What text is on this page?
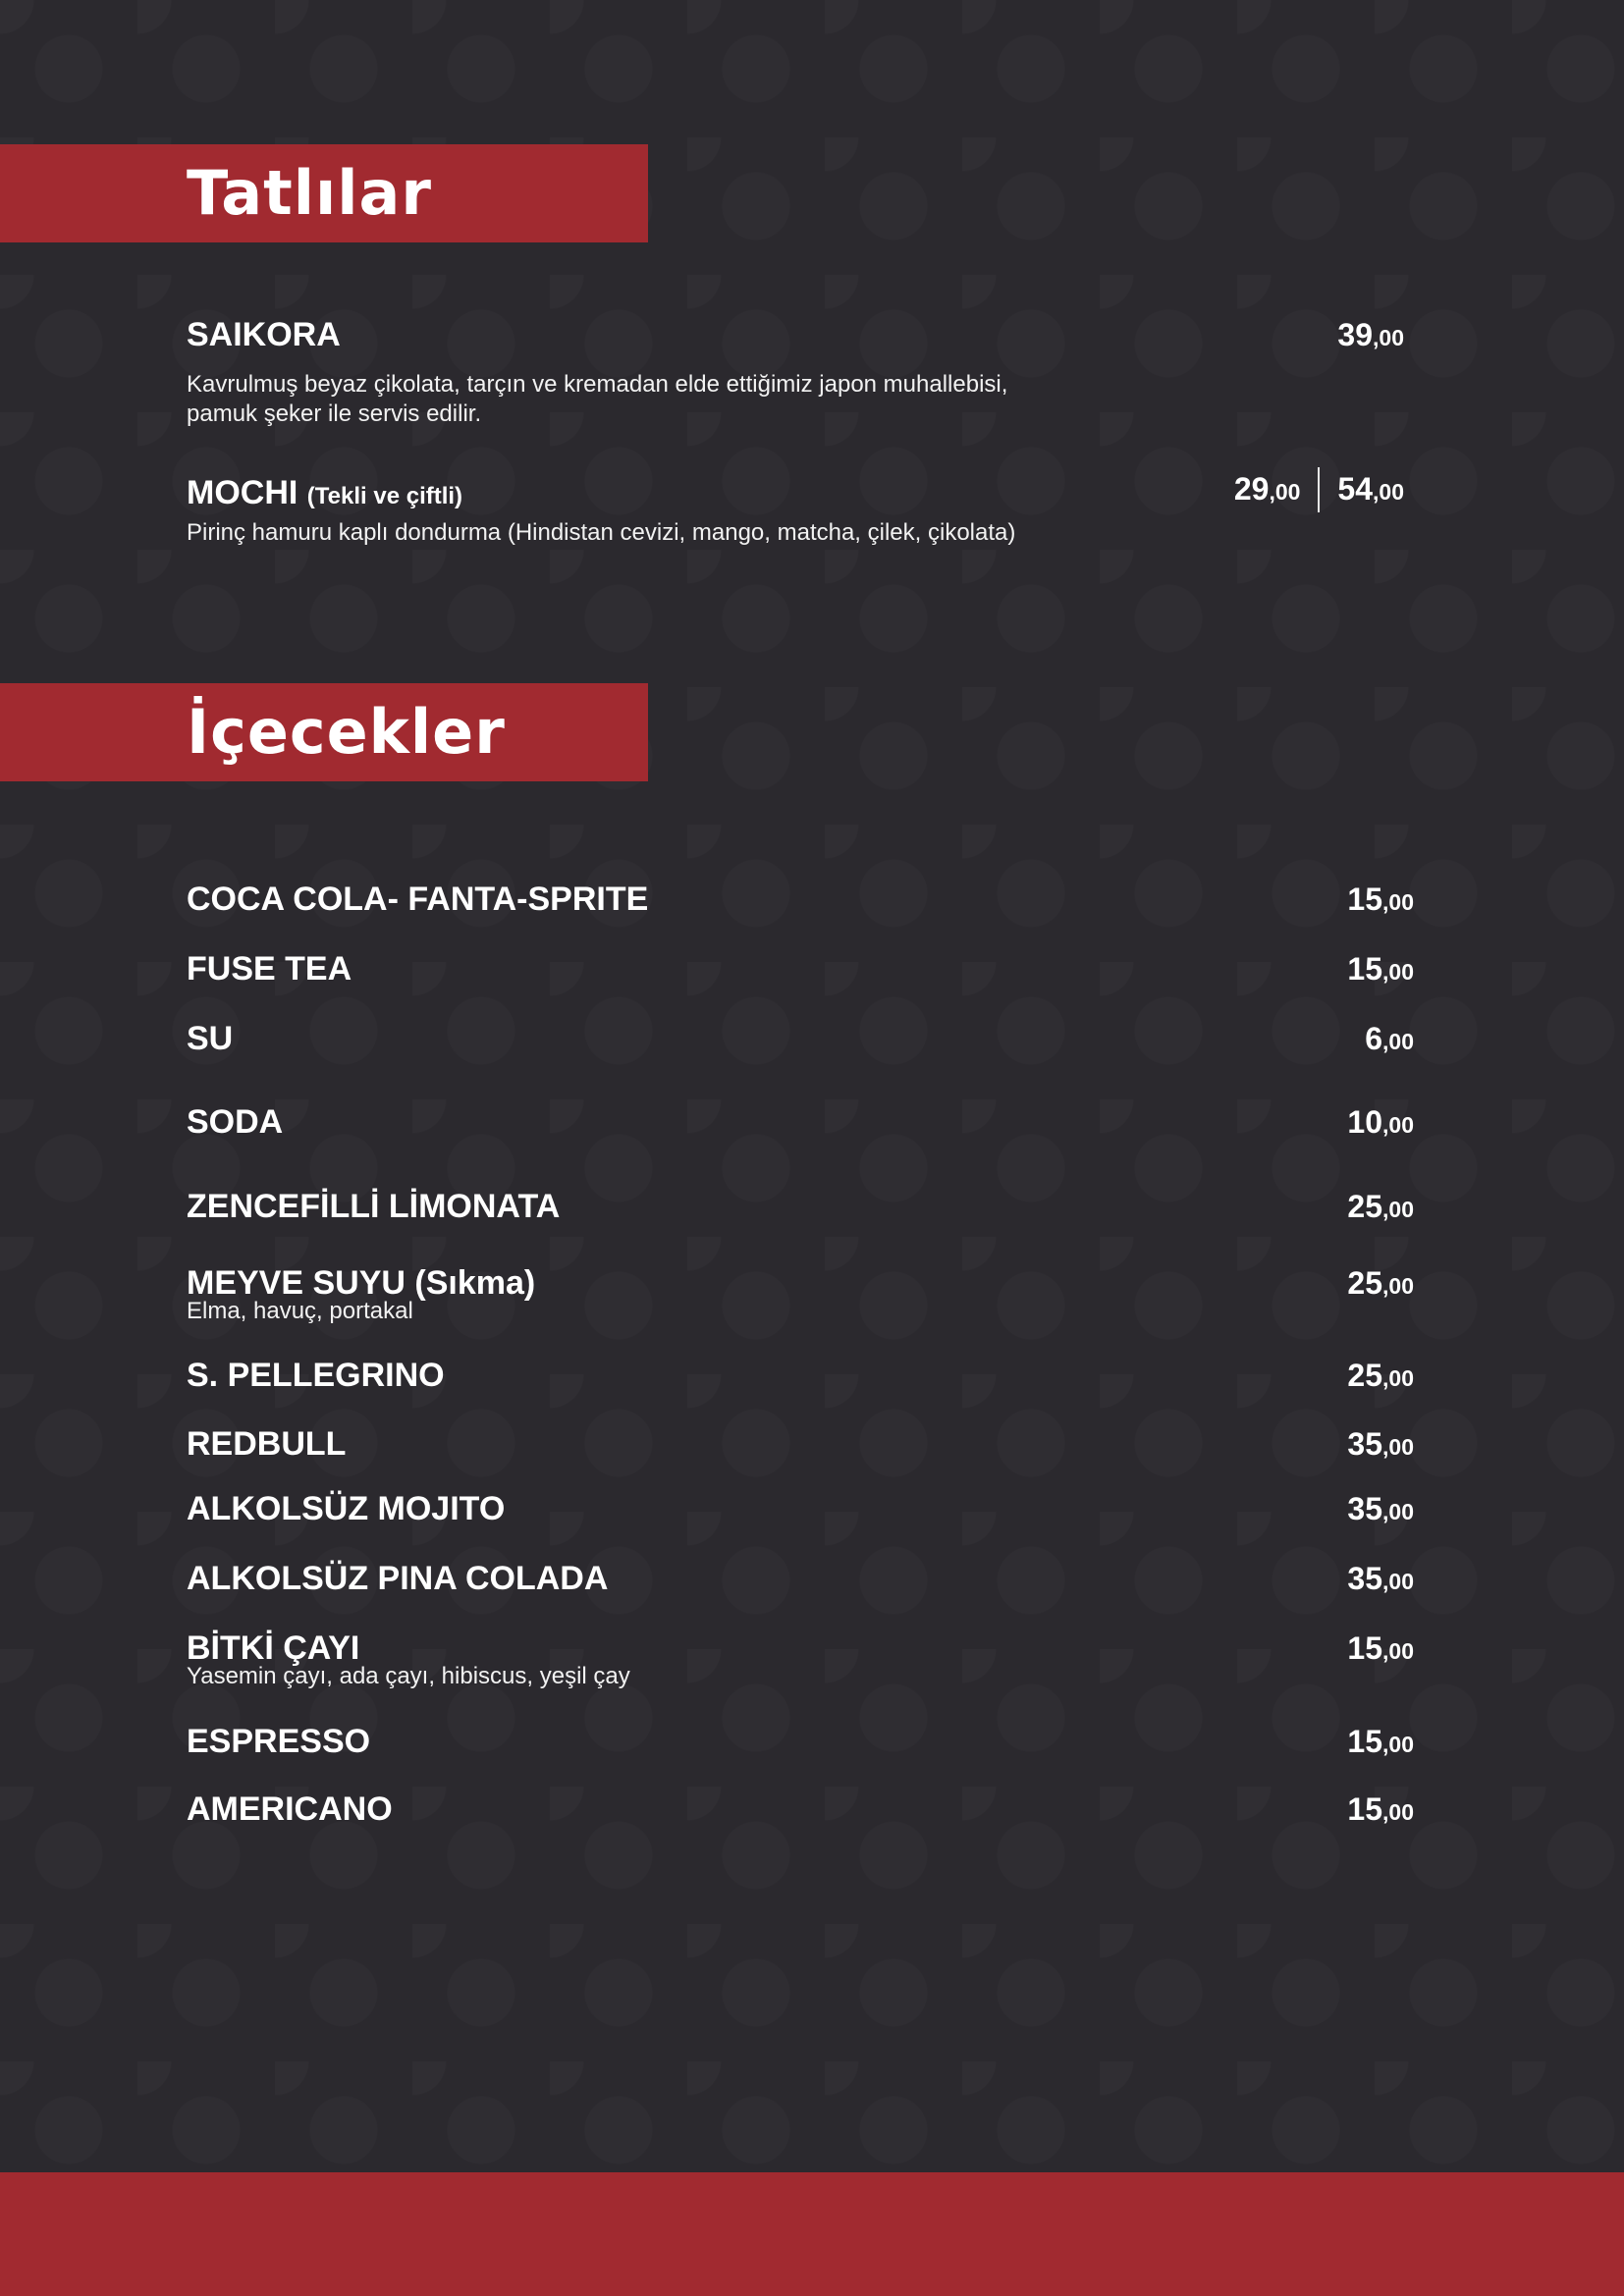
Tatlılar
SAIKORA	39,00
Kavrulmuş beyaz çikolata, tarçın ve kremadan elde ettiğimiz japon muhallebisi, pamuk şeker ile servis edilir.
MOCHI (Tekli ve çiftli)	29,00 54,00
Pirinç hamuru kaplı dondurma (Hindistan cevizi, mango, matcha, çilek, çikolata)
İçecekler
COCA COLA- FANTA-SPRITE	15,00
FUSE TEA	15,00
SU	6,00
SODA	10,00
ZENCEFİLLİ LİMONATA	25,00
MEYVE SUYU (Sıkma)	25,00
Elma, havuç, portakal
S. PELLEGRINO	25,00
REDBULL	35,00
ALKOLSÜZ MOJITO	35,00
ALKOLSÜZ PINA COLADA	35,00
BİTKİ ÇAYI	15,00
Yasemin çayı, ada çayı, hibiscus, yeşil çay
ESPRESSO	15,00
AMERICANO	15,00
